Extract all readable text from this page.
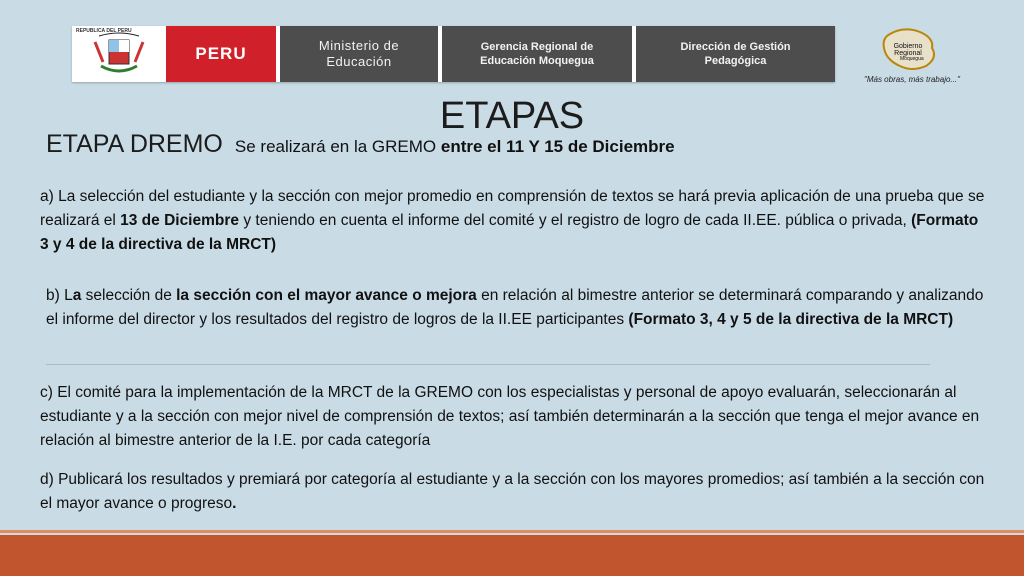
REPUBLICA DEL PERU
PERU	Ministerio de
Educación
Gerencia Regional de
Educación Moquegua
Dirección de Gestión
Pedagógica
Gobierno
Regional
Moquegua
"Más obras, más trabajo..."
ETAPAS
ETAPA DREMO Se realizará en la GREMO entre el 11 Y 15 de Diciembre
a) La selección del estudiante y la sección con mejor promedio en comprensión de textos se hará previa aplicación de una prueba que se realizará el 13 de Diciembre y teniendo en cuenta el informe del comité y el registro de logro de cada II.EE. pública o privada, (Formato 3 y 4 de la directiva de la MRCT)
b) La selección de la sección con el mayor avance o mejora en relación al bimestre anterior se determinará comparando y analizando el informe del director y los resultados del registro de logros de la II.EE participantes (Formato 3, 4 y 5 de la directiva de la MRCT)
c) El comité para la implementación de la MRCT de la GREMO con los especialistas y personal de apoyo evaluarán, seleccionarán al estudiante y a la sección con mejor nivel de comprensión de textos; así también determinarán a la sección que tenga el mejor avance en relación al bimestre anterior de la I.E. por cada categoría
d) Publicará los resultados y premiará por categoría al estudiante y a la sección con los mayores promedios; así también a la sección con el mayor avance o progreso.
